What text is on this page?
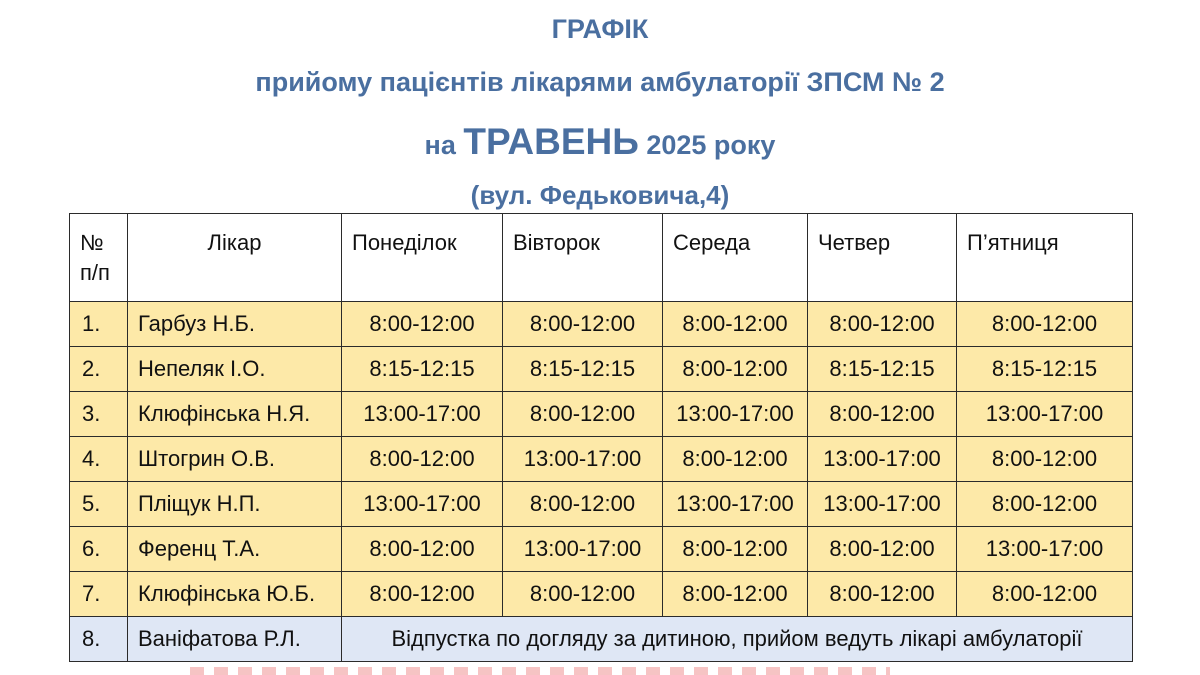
ГРАФІК
прийому пацієнтів лікарями амбулаторії ЗПСМ № 2
на ТРАВЕНЬ 2025 року
(вул. Федьковича,4)
№
п/п	Лікар	Понеділок	Вівторок	Середа	Четвер	П’ятниця

1.	Гарбуз Н.Б.	8:00-12:00	8:00-12:00	8:00-12:00	8:00-12:00	8:00-12:00
2.	Непеляк І.О.	8:15-12:15	8:15-12:15	8:00-12:00	8:15-12:15	8:15-12:15
3.	Клюфінська Н.Я.	13:00-17:00	8:00-12:00	13:00-17:00	8:00-12:00	13:00-17:00
4.	Штогрин О.В.	8:00-12:00	13:00-17:00	8:00-12:00	13:00-17:00	8:00-12:00
5.	Пліщук Н.П.	13:00-17:00	8:00-12:00	13:00-17:00	13:00-17:00	8:00-12:00
6.	Ференц Т.А.	8:00-12:00	13:00-17:00	8:00-12:00	8:00-12:00	13:00-17:00
7.	Клюфінська Ю.Б.	8:00-12:00	8:00-12:00	8:00-12:00	8:00-12:00	8:00-12:00
8.	Ваніфатова Р.Л.	Відпустка по догляду за дитиною, прийом ведуть лікарі амбулаторії				
